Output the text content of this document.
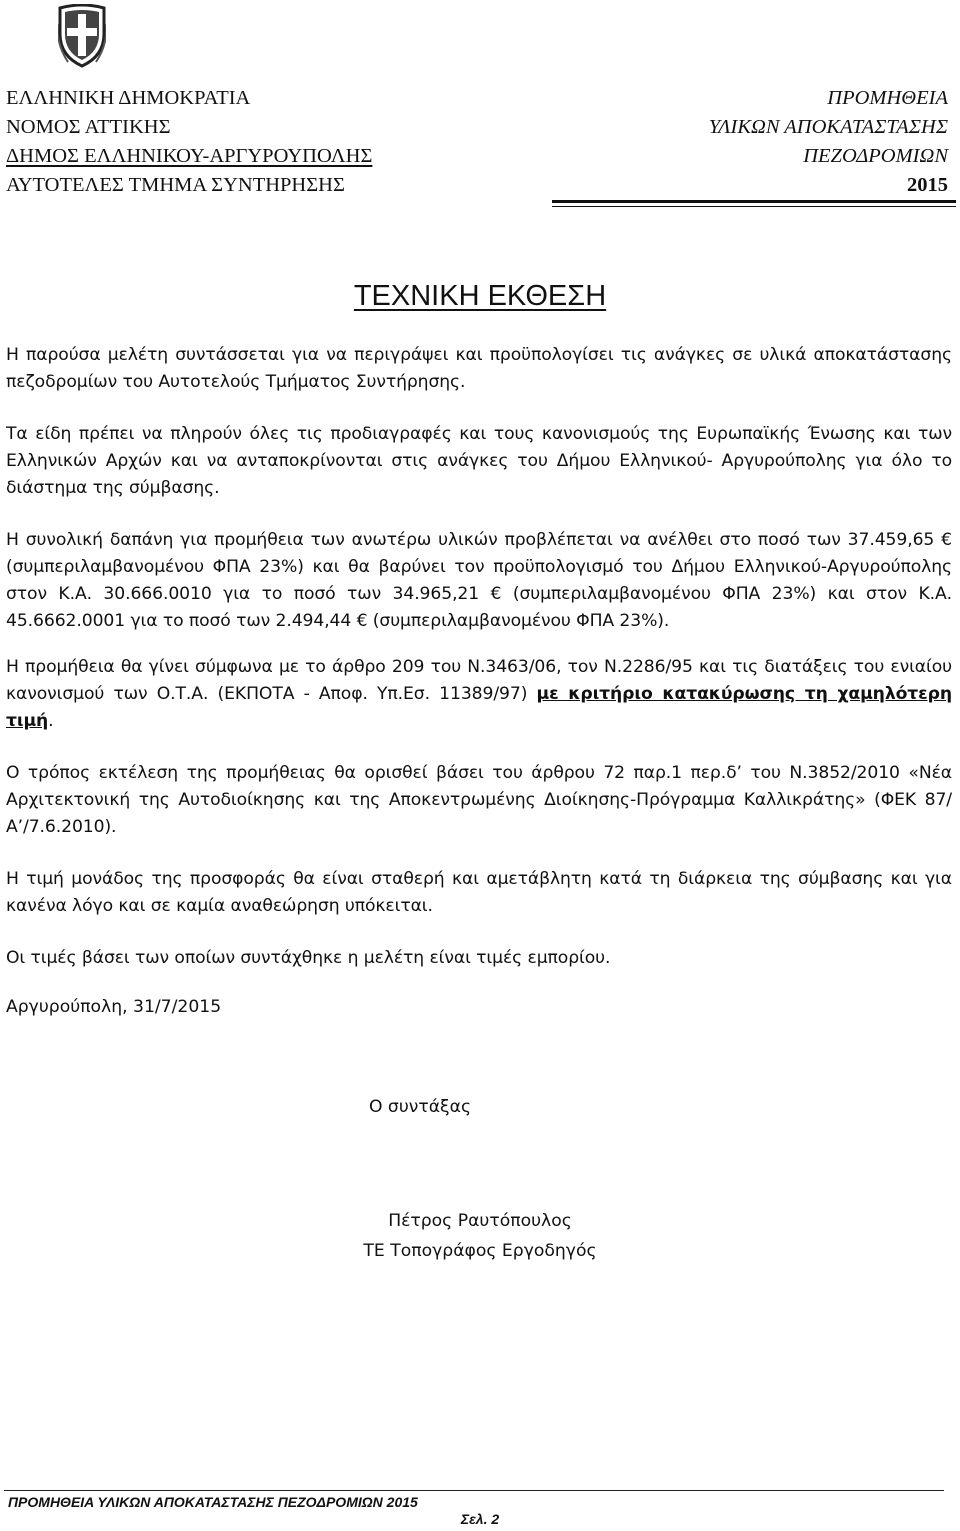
ΕΛΛΗΝΙΚΗ ΔΗΜΟΚΡΑΤΙΑ
ΝΟΜΟΣ ΑΤΤΙΚΗΣ
ΔΗΜΟΣ ΕΛΛΗΝΙΚΟΥ-ΑΡΓΥΡΟΥΠΟΛΗΣ
ΑΥΤΟΤΕΛΕΣ ΤΜΗΜΑ ΣΥΝΤΗΡΗΣΗΣ
ΠΡΟΜΗΘΕΙΑ
ΥΛΙΚΩΝ ΑΠΟΚΑΤΑΣΤΑΣΗΣ
ΠΕΖΟΔΡΟΜΙΩΝ
2015
ΤΕΧΝΙΚΗ ΕΚΘΕΣΗ

Η παρούσα μελέτη συντάσσεται για να περιγράψει και προϋπολογίσει τις ανάγκες σε υλικά αποκατάστασης πεζοδρομίων του Αυτοτελούς Τμήματος Συντήρησης.

Τα είδη πρέπει να πληρούν όλες τις προδιαγραφές και τους κανονισμούς της Ευρωπαϊκής Ένωσης και των Ελληνικών Αρχών και να ανταποκρίνονται στις ανάγκες του Δήμου Ελληνικού- Αργυρούπολης για όλο το διάστημα της σύμβασης.

Η συνολική δαπάνη για προμήθεια των ανωτέρω υλικών προβλέπεται να ανέλθει στο ποσό των 37.459,65 € (συμπεριλαμβανομένου ΦΠΑ 23%) και θα βαρύνει τον προϋπολογισμό του Δήμου Ελληνικού-Αργυρούπολης στον Κ.Α. 30.666.0010 για το ποσό των 34.965,21 € (συμπεριλαμβανομένου ΦΠΑ 23%) και στον Κ.Α. 45.6662.0001 για το ποσό των 2.494,44 € (συμπεριλαμβανομένου ΦΠΑ 23%).

Η προμήθεια θα γίνει σύμφωνα με το άρθρο 209 του Ν.3463/06, τον Ν.2286/95 και τις διατάξεις του ενιαίου κανονισμού των Ο.Τ.Α. (ΕΚΠΟΤΑ - Αποφ. Υπ.Εσ. 11389/97) με κριτήριο κατακύρωσης τη χαμηλότερη τιμή.

Ο τρόπος εκτέλεση της προμήθειας θα ορισθεί βάσει του άρθρου 72 παρ.1 περ.δ’ του Ν.3852/2010 «Νέα Αρχιτεκτονική της Αυτοδιοίκησης και της Αποκεντρωμένης Διοίκησης-Πρόγραμμα Καλλικράτης» (ΦΕΚ 87/Α’/7.6.2010).

Η τιμή μονάδος της προσφοράς θα είναι σταθερή και αμετάβλητη κατά τη διάρκεια της σύμβασης και για κανένα λόγο και σε καμία αναθεώρηση υπόκειται.

Οι τιμές βάσει των οποίων συντάχθηκε η μελέτη είναι τιμές εμπορίου.

Αργυρούπολη, 31/7/2015

Ο συντάξας
Πέτρος Ραυτόπουλος
ΤΕ Τοπογράφος Εργοδηγός
ΠΡΟΜΗΘΕΙΑ ΥΛΙΚΩΝ ΑΠΟΚΑΤΑΣΤΑΣΗΣ ΠΕΖΟΔΡΟΜΙΩΝ 2015
Σελ. 2
